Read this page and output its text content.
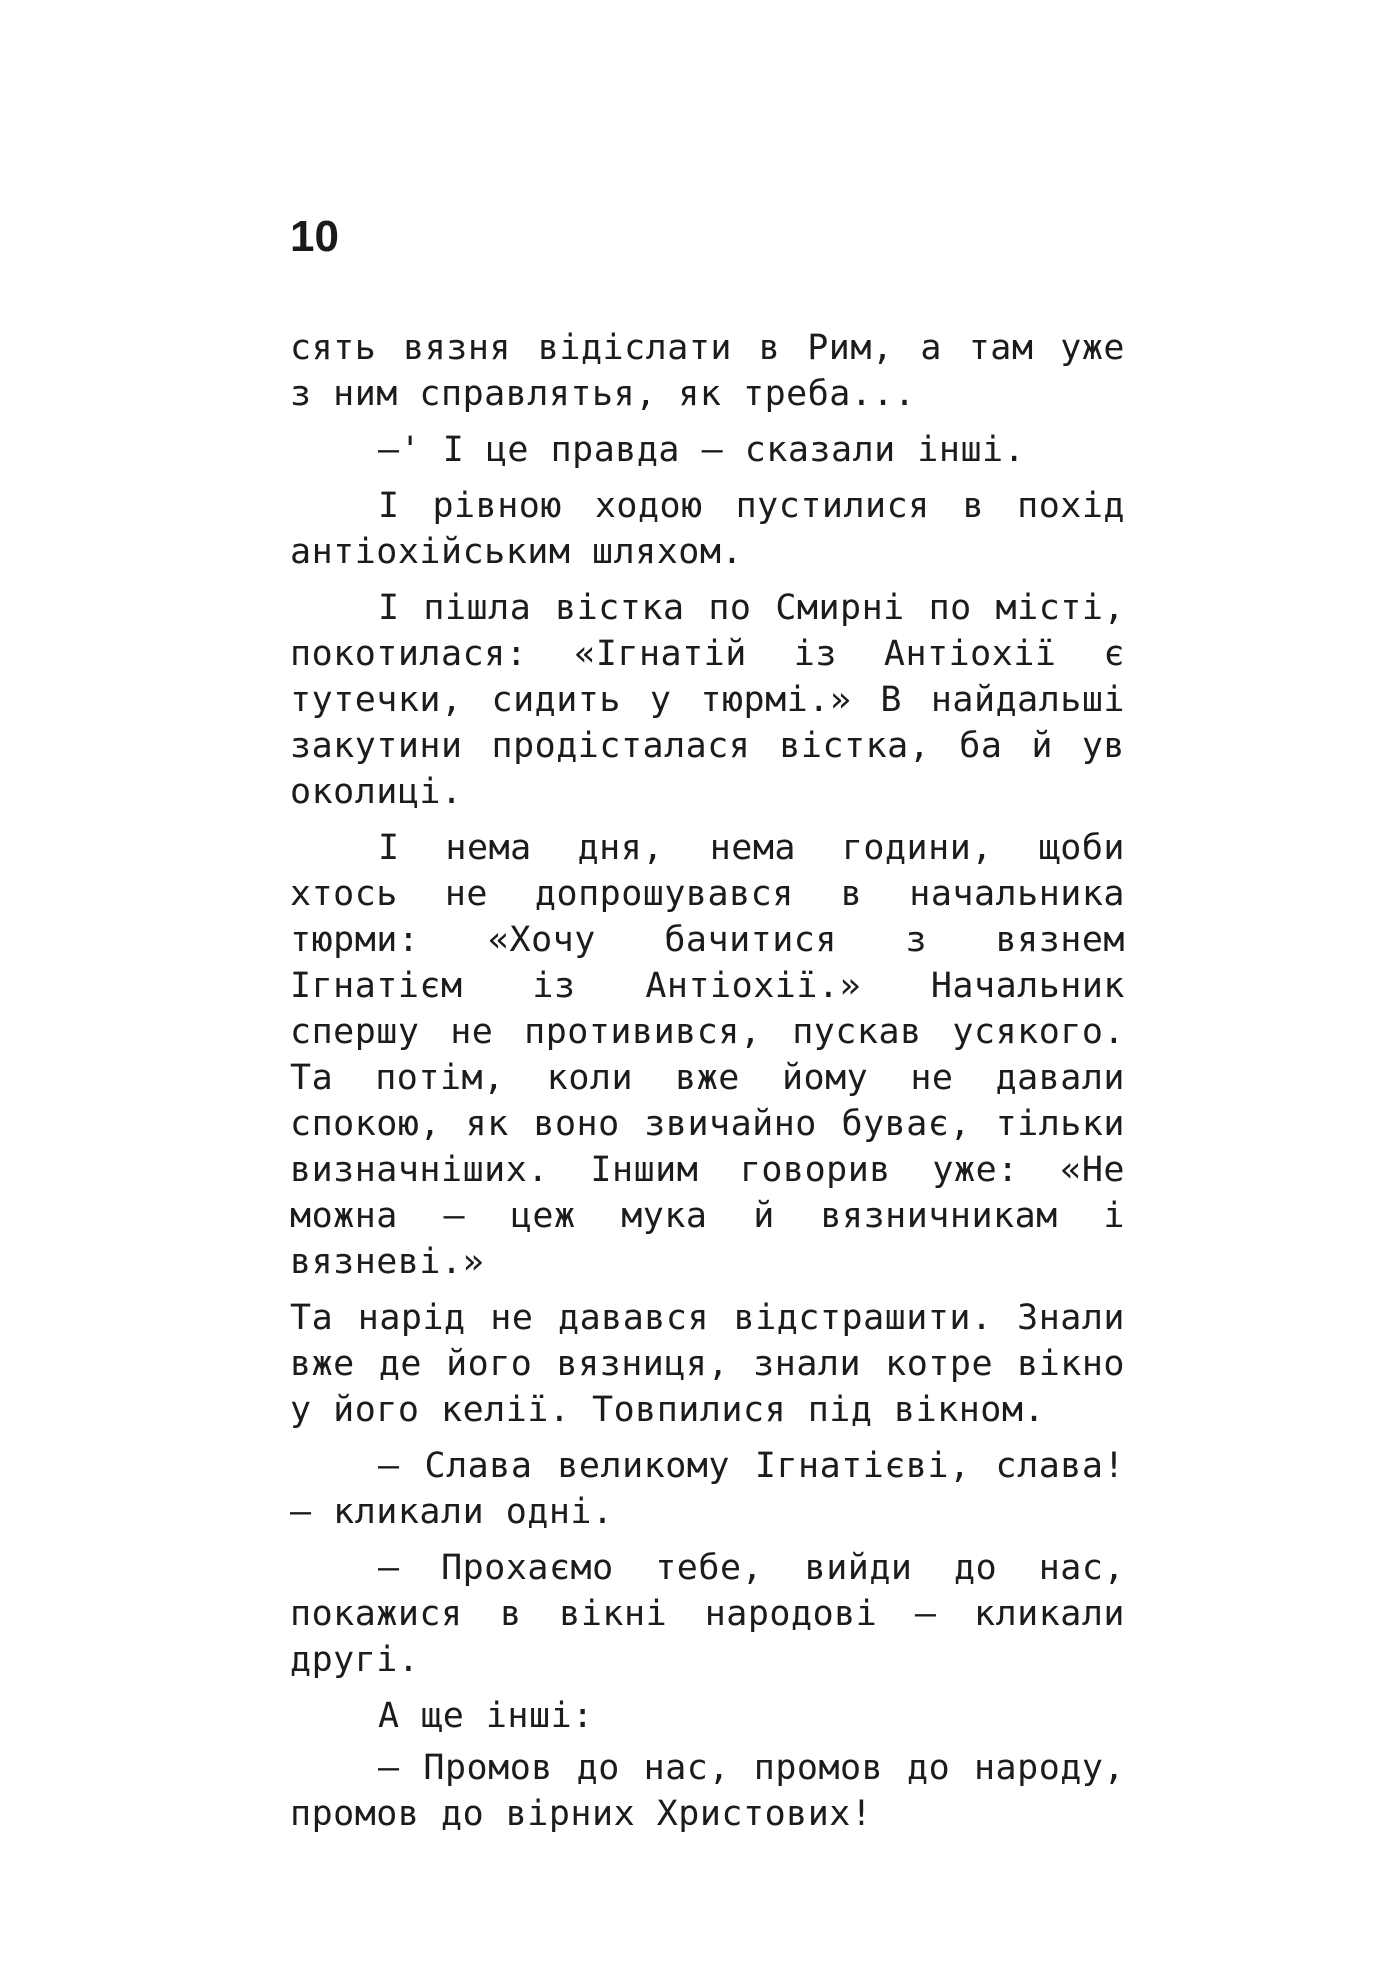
10

сять вязня відіслати в Рим, а там уже з ним справлятья, як треба...

—' І це правда — сказали інші.

І рівною ходою пустилися в похід антіохійським шляхом.

І пішла вістка по Смирні по місті, покотилася: «Ігнатій із Антіохії є тутечки, сидить у тюрмі.» В найдальші закутини продісталася вістка, ба й ув околиці.

І нема дня, нема години, щоби хтось не допрошувався в начальника тюрми: «Хочу бачитися з вязнем Ігнатієм із Антіохії.» Начальник спершу не противився, пускав усякого. Та потім, коли вже йому не давали спокою, як воно звичайно буває, тільки визначніших. Іншим говорив уже: «Не можна — цеж мука й вязничникам і вязневі.»

Та нарід не давався відстрашити. Знали вже де його вязниця, знали котре вікно у його келії. Товпилися під вікном.

— Слава великому Ігнатієві, слава! — кликали одні.

— Прохаємо тебе, вийди до нас, покажися в вікні народові — кликали другі.

А ще інші:

— Промов до нас, промов до народу, промов до вірних Христових!
